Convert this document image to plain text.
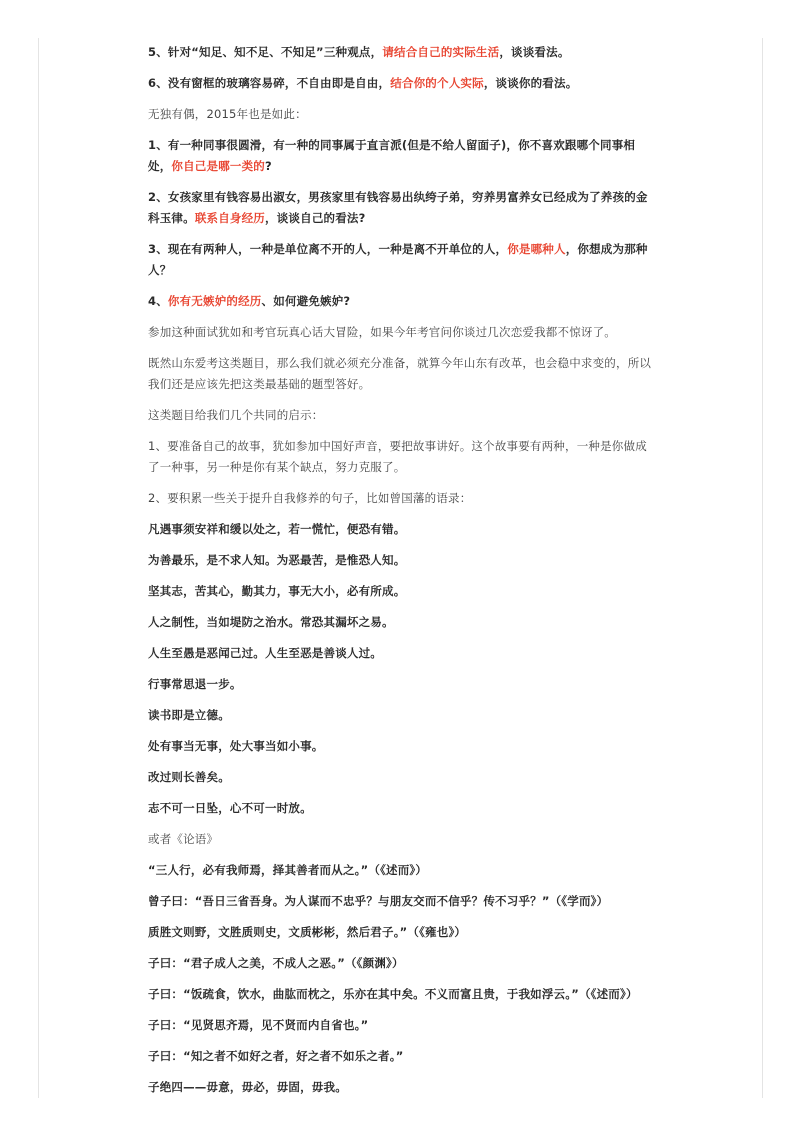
5、针对“知足、知不足、不知足”三种观点，请结合自己的实际生活，谈谈看法。

6、没有窗框的玻璃容易碎，不自由即是自由，结合你的个人实际，谈谈你的看法。

无独有偶，2015年也是如此：

1、有一种同事很圆滑，有一种的同事属于直言派(但是不给人留面子)，你不喜欢跟哪个同事相处，你自己是哪一类的?

2、女孩家里有钱容易出淑女，男孩家里有钱容易出纨绔子弟，穷养男富养女已经成为了养孩的金科玉律。联系自身经历，谈谈自己的看法?

3、现在有两种人，一种是单位离不开的人，一种是离不开单位的人，你是哪种人，你想成为那种人？

4、你有无嫉妒的经历、如何避免嫉妒?

参加这种面试犹如和考官玩真心话大冒险，如果今年考官问你谈过几次恋爱我都不惊讶了。

既然山东爱考这类题目，那么我们就必须充分准备，就算今年山东有改革，也会稳中求变的，所以我们还是应该先把这类最基础的题型答好。

这类题目给我们几个共同的启示：

1、要准备自己的故事，犹如参加中国好声音，要把故事讲好。这个故事要有两种，一种是你做成了一种事，另一种是你有某个缺点，努力克服了。

2、要积累一些关于提升自我修养的句子，比如曾国藩的语录：

凡遇事须安祥和缓以处之，若一慌忙，便恐有错。

为善最乐，是不求人知。为恶最苦，是惟恐人知。

坚其志，苦其心，勤其力，事无大小，必有所成。

人之制性，当如堤防之治水。常恐其漏坏之易。

人生至愚是恶闻己过。人生至恶是善谈人过。

行事常思退一步。

读书即是立德。

处有事当无事，处大事当如小事。

改过则长善矣。

志不可一日坠，心不可一时放。

或者《论语》

“三人行，必有我师焉，择其善者而从之。”（《述而》）

曾子曰：“吾日三省吾身。为人谋而不忠乎？与朋友交而不信乎？传不习乎？”（《学而》）

质胜文则野，文胜质则史，文质彬彬，然后君子。”（《雍也》）

子曰：“君子成人之美，不成人之恶。”（《颜渊》）

子曰：“饭疏食，饮水，曲肱而枕之，乐亦在其中矣。不义而富且贵，于我如浮云。”（《述而》）

子曰：“见贤思齐焉，见不贤而内自省也。”

子曰：“知之者不如好之者，好之者不如乐之者。”

子绝四——毋意，毋必，毋固，毋我。
